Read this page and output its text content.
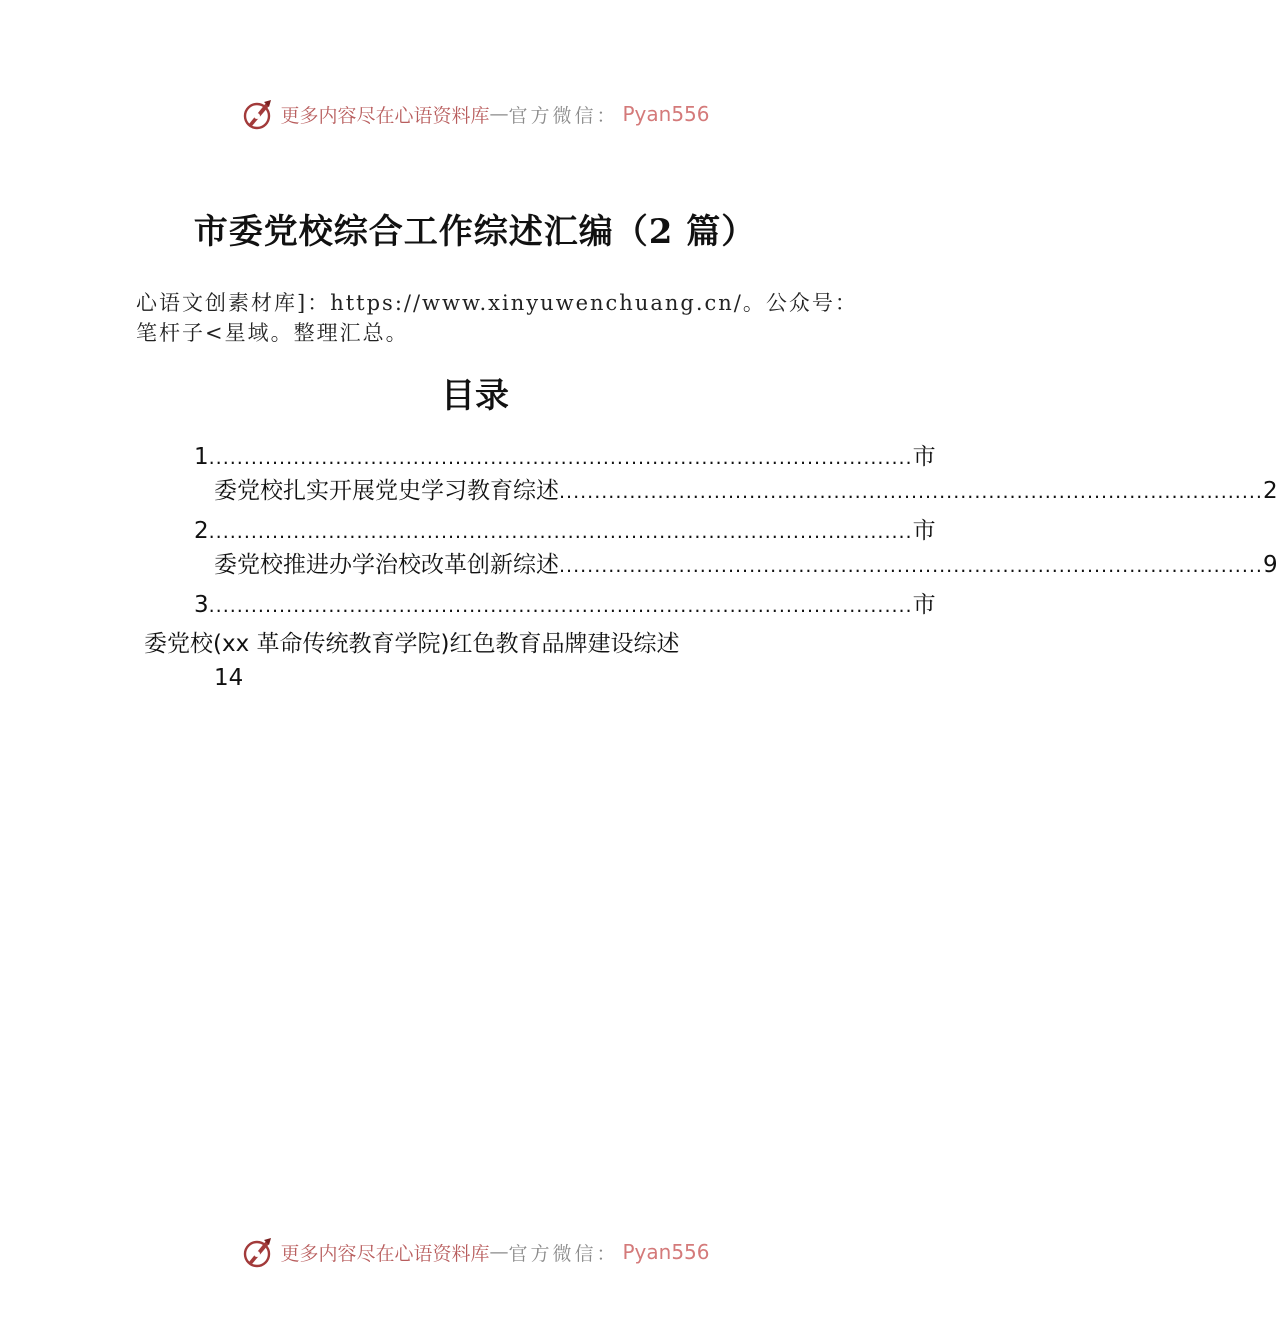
更多内容尽在心语资料库 — 官方微信： Pyan556
市委党校综合工作综述汇编（2 篇）
心语文创素材库]：https://www.xinyuwenchuang.cn/。公众号：笔杆子<星域。整理汇总。
目录
1 .................................................................................................... 市
委党校扎实开展党史学习教育综述 .................................................................................................... 2
2 .................................................................................................... 市
委党校推进办学治校改革创新综述 .................................................................................................... 9
3 .................................................................................................... 市
委党校(xx 革命传统教育学院)红色教育品牌建设综述
14
更多内容尽在心语资料库 — 官方微信： Pyan556
